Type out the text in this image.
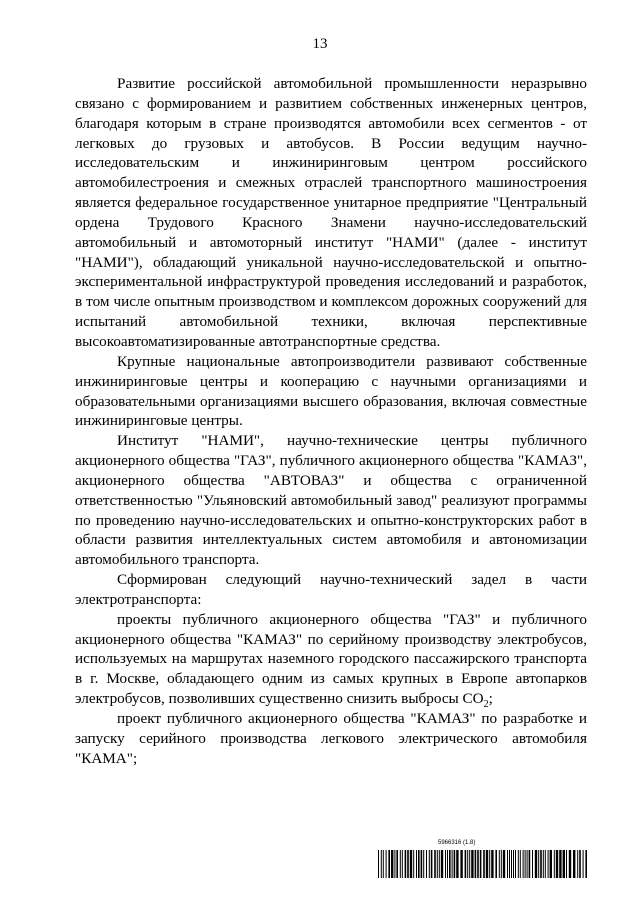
13

Развитие российской автомобильной промышленности неразрывно связано с формированием и развитием собственных инженерных центров, благодаря которым в стране производятся автомобили всех сегментов - от легковых до грузовых и автобусов. В России ведущим научно-исследовательским и инжиниринговым центром российского автомобилестроения и смежных отраслей транспортного машиностроения является федеральное государственное унитарное предприятие "Центральный ордена Трудового Красного Знамени научно-исследовательский автомобильный и автомоторный институт "НАМИ" (далее - институт "НАМИ"), обладающий уникальной научно-исследовательской и опытно-экспериментальной инфраструктурой проведения исследований и разработок, в том числе опытным производством и комплексом дорожных сооружений для испытаний автомобильной техники, включая перспективные высокоавтоматизированные автотранспортные средства.

Крупные национальные автопроизводители развивают собственные инжиниринговые центры и кооперацию с научными организациями и образовательными организациями высшего образования, включая совместные инжиниринговые центры.

Институт "НАМИ", научно-технические центры публичного акционерного общества "ГАЗ", публичного акционерного общества "КАМАЗ", акционерного общества "АВТОВАЗ" и общества с ограниченной ответственностью "Ульяновский автомобильный завод" реализуют программы по проведению научно-исследовательских и опытно-конструкторских работ в области развития интеллектуальных систем автомобиля и автономизации автомобильного транспорта.

Сформирован следующий научно-технический задел в части электротранспорта:

проекты публичного акционерного общества "ГАЗ" и публичного акционерного общества "КАМАЗ" по серийному производству электробусов, используемых на маршрутах наземного городского пассажирского транспорта в г. Москве, обладающего одним из самых крупных в Европе автопарков электробусов, позволивших существенно снизить выбросы $CO_2$;

проект публичного акционерного общества "КАМАЗ" по разработке и запуску серийного производства легкового электрического автомобиля "КАМА";

5966316 (1.8)
